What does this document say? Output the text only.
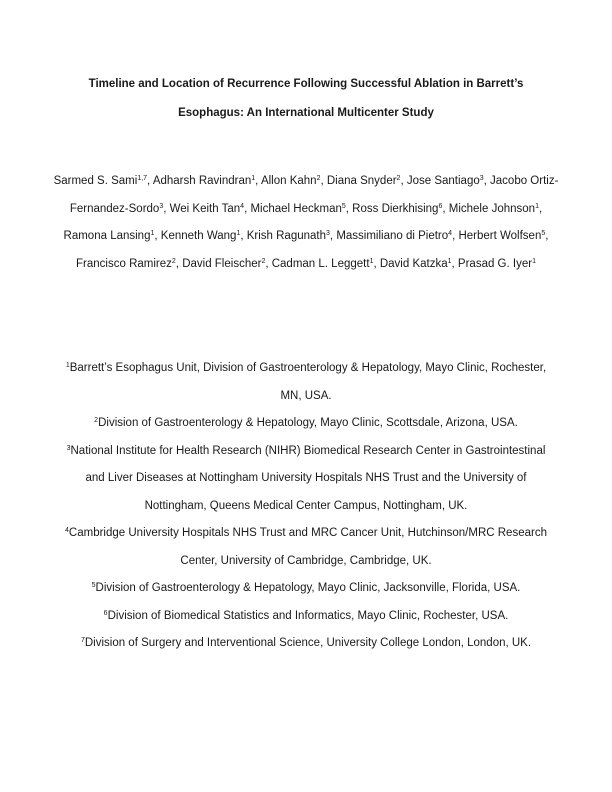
Timeline and Location of Recurrence Following Successful Ablation in Barrett’s
Esophagus: An International Multicenter Study

Sarmed S. Sami$^{1,7}$, Adharsh Ravindran$^1$, Allon Kahn$^2$, Diana Snyder$^2$, Jose Santiago$^3$, Jacobo Ortiz-Fernandez-Sordo$^3$, Wei Keith Tan$^4$, Michael Heckman$^5$, Ross Dierkhising$^6$, Michele Johnson$^1$, Ramona Lansing$^1$, Kenneth Wang$^1$, Krish Ragunath$^3$, Massimiliano di Pietro$^4$, Herbert Wolfsen$^5$, Francisco Ramirez$^2$, David Fleischer$^2$, Cadman L. Leggett$^1$, David Katzka$^1$, Prasad G. Iyer$^1$

$^1$Barrett’s Esophagus Unit, Division of Gastroenterology & Hepatology, Mayo Clinic, Rochester, MN, USA.
$^2$Division of Gastroenterology & Hepatology, Mayo Clinic, Scottsdale, Arizona, USA.
$^3$National Institute for Health Research (NIHR) Biomedical Research Center in Gastrointestinal and Liver Diseases at Nottingham University Hospitals NHS Trust and the University of Nottingham, Queens Medical Center Campus, Nottingham, UK.
$^4$Cambridge University Hospitals NHS Trust and MRC Cancer Unit, Hutchinson/MRC Research Center, University of Cambridge, Cambridge, UK.
$^5$Division of Gastroenterology & Hepatology, Mayo Clinic, Jacksonville, Florida, USA.
$^6$Division of Biomedical Statistics and Informatics, Mayo Clinic, Rochester, USA.
$^7$Division of Surgery and Interventional Science, University College London, London, UK.
